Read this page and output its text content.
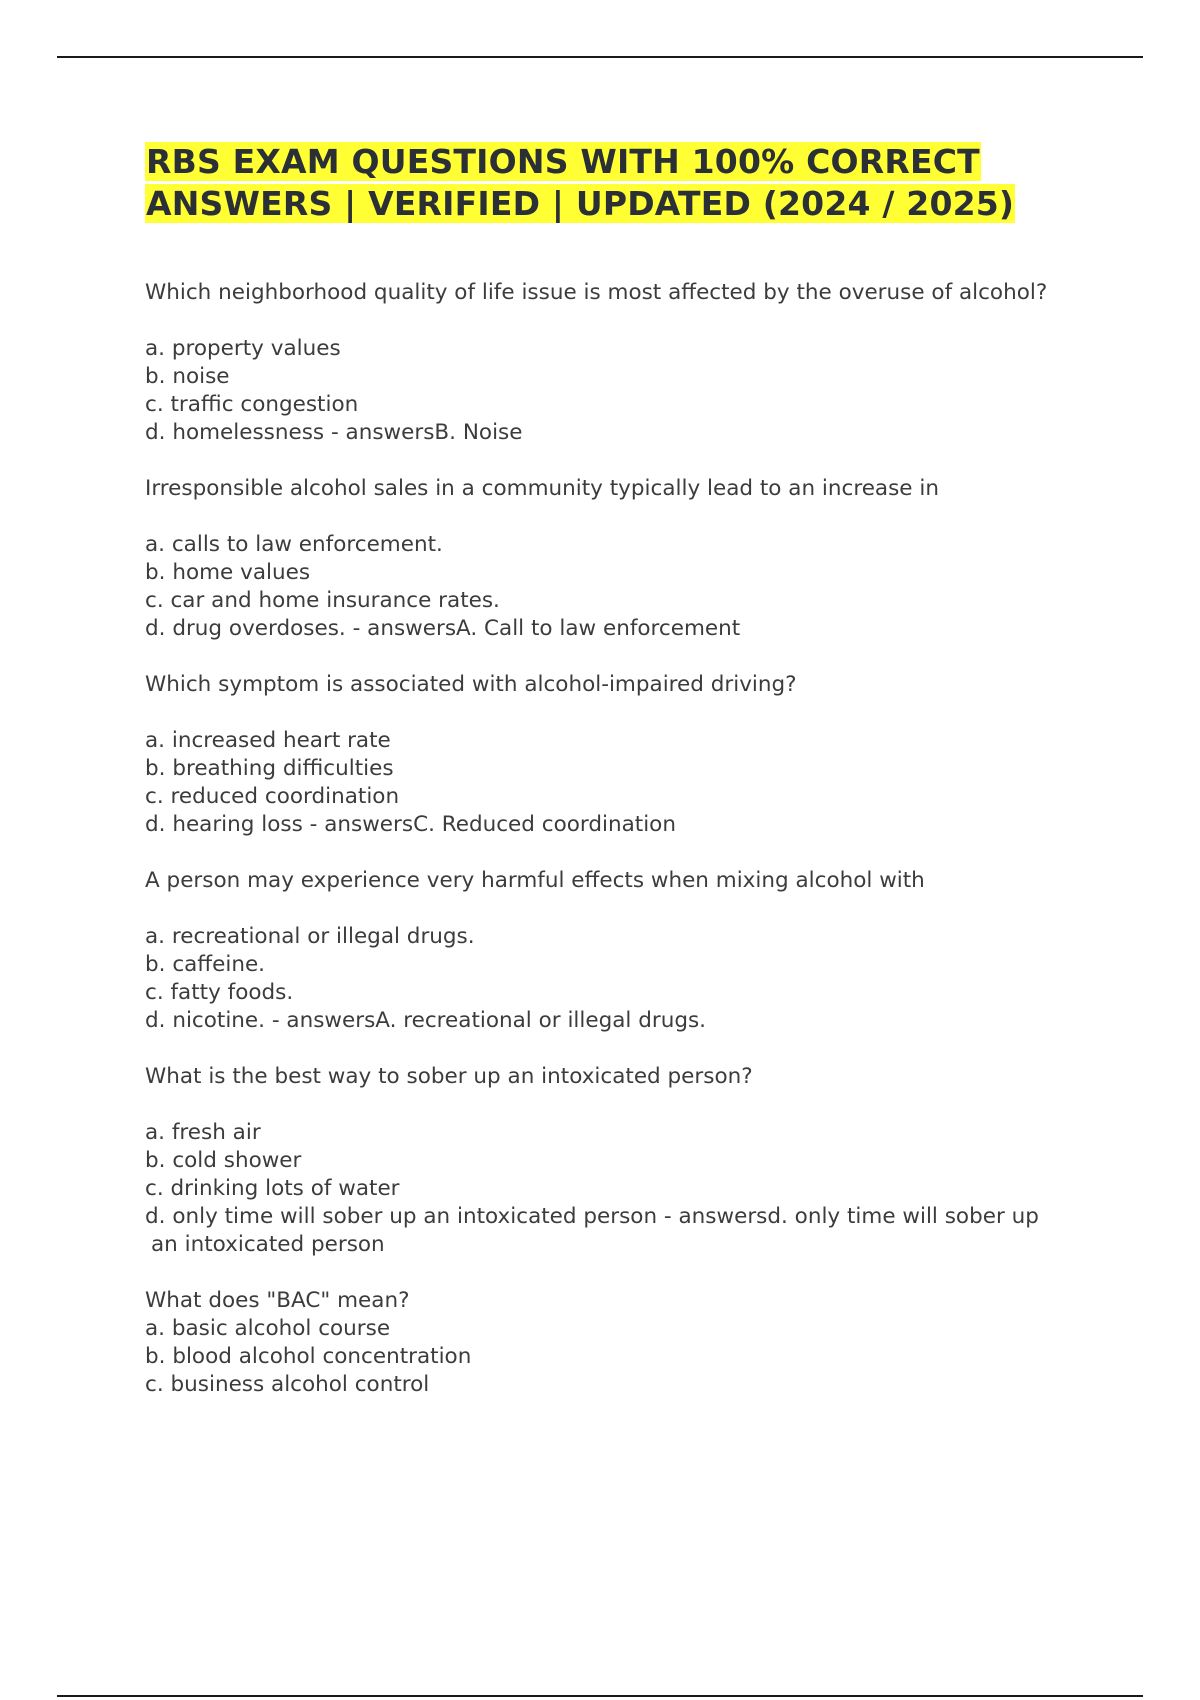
RBS EXAM QUESTIONS WITH 100% CORRECT ANSWERS | VERIFIED | UPDATED (2024 / 2025)

Which neighborhood quality of life issue is most affected by the overuse of alcohol?

a. property values

b. noise

c. traffic congestion

d. homelessness - answersB. Noise

Irresponsible alcohol sales in a community typically lead to an increase in

a. calls to law enforcement.

b. home values

c. car and home insurance rates.

d. drug overdoses. - answersA. Call to law enforcement

Which symptom is associated with alcohol-impaired driving?

a. increased heart rate

b. breathing difficulties

c. reduced coordination

d. hearing loss - answersC. Reduced coordination

A person may experience very harmful effects when mixing alcohol with

a. recreational or illegal drugs.

b. caffeine.

c. fatty foods.

d. nicotine. - answersA. recreational or illegal drugs.

What is the best way to sober up an intoxicated person?

a. fresh air

b. cold shower

c. drinking lots of water

d. only time will sober up an intoxicated person - answersd. only time will sober up

an intoxicated person

What does "BAC" mean?

a. basic alcohol course

b. blood alcohol concentration

c. business alcohol control
